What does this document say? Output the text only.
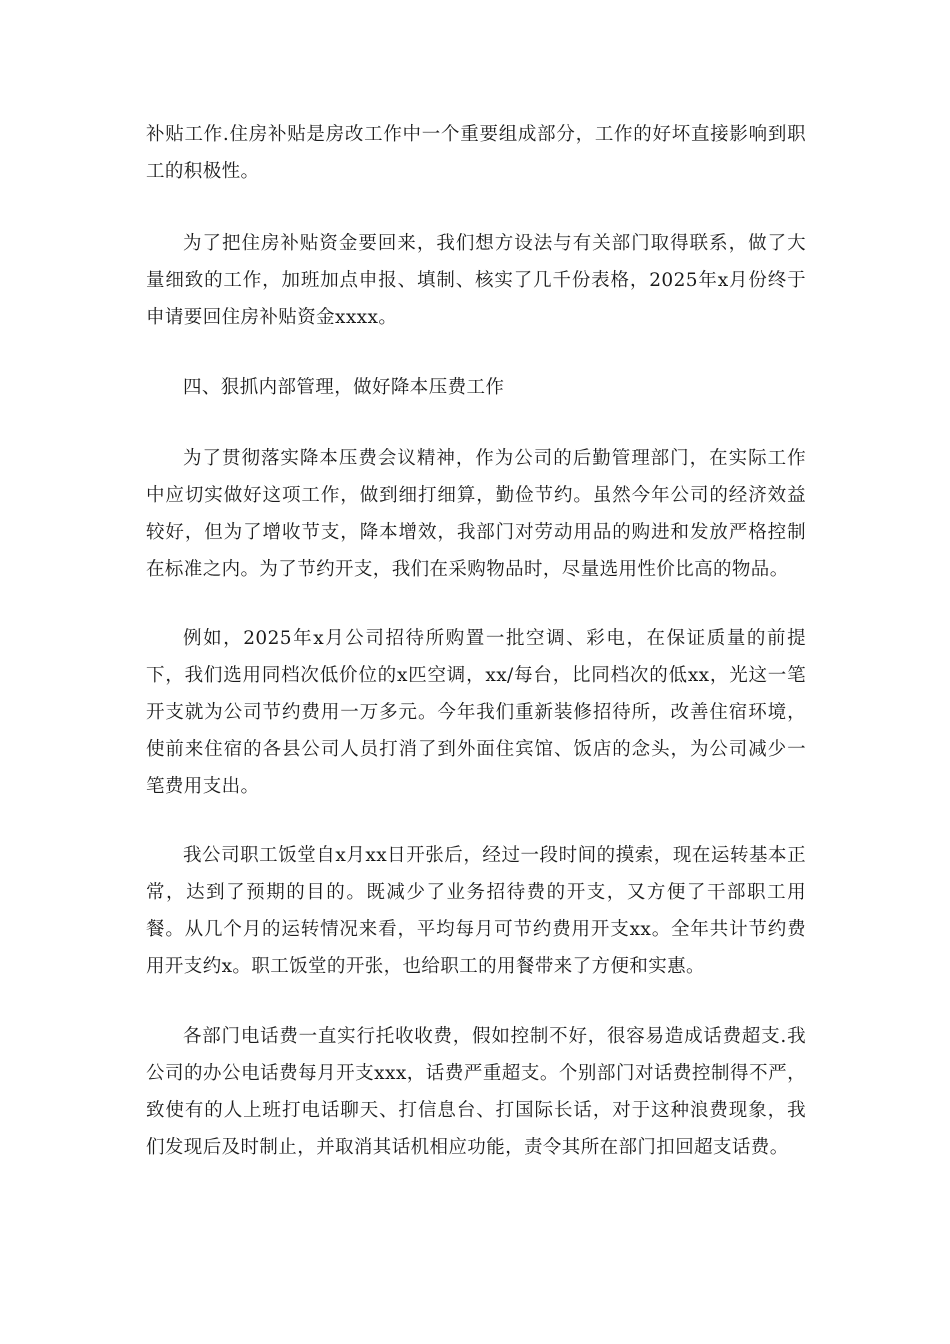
补贴工作.住房补贴是房改工作中一个重要组成部分，工作的好坏直接影响到职工的积极性。

为了把住房补贴资金要回来，我们想方设法与有关部门取得联系，做了大量细致的工作，加班加点申报、填制、核实了几千份表格，2025年x月份终于申请要回住房补贴资金xxxx。

四、狠抓内部管理，做好降本压费工作

为了贯彻落实降本压费会议精神，作为公司的后勤管理部门，在实际工作中应切实做好这项工作，做到细打细算，勤俭节约。虽然今年公司的经济效益较好，但为了增收节支，降本增效，我部门对劳动用品的购进和发放严格控制在标准之内。为了节约开支，我们在采购物品时，尽量选用性价比高的物品。

例如，2025年x月公司招待所购置一批空调、彩电，在保证质量的前提下，我们选用同档次低价位的x匹空调，xx/每台，比同档次的低xx，光这一笔开支就为公司节约费用一万多元。今年我们重新装修招待所，改善住宿环境，使前来住宿的各县公司人员打消了到外面住宾馆、饭店的念头，为公司减少一笔费用支出。

我公司职工饭堂自x月xx日开张后，经过一段时间的摸索，现在运转基本正常，达到了预期的目的。既减少了业务招待费的开支，又方便了干部职工用餐。从几个月的运转情况来看，平均每月可节约费用开支xx。全年共计节约费用开支约x。职工饭堂的开张，也给职工的用餐带来了方便和实惠。

各部门电话费一直实行托收收费，假如控制不好，很容易造成话费超支.我公司的办公电话费每月开支xxx，话费严重超支。个别部门对话费控制得不严，致使有的人上班打电话聊天、打信息台、打国际长话，对于这种浪费现象，我们发现后及时制止，并取消其话机相应功能，责令其所在部门扣回超支话费。
